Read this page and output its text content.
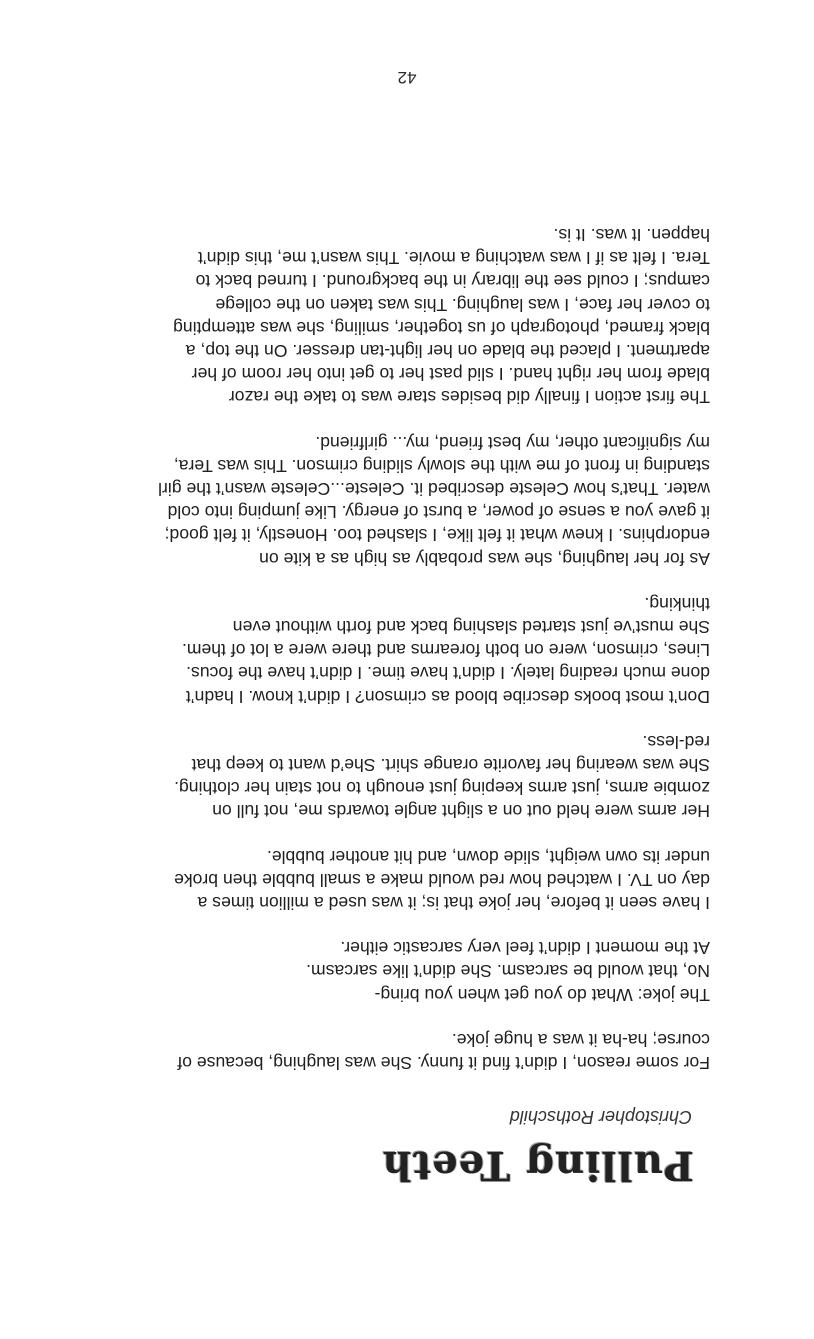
Pulling Teeth
Christopher Rothschild

For some reason, I didn’t find it funny. She was laughing, because of
course; ha-ha it was a huge joke.

The joke: What do you get when you bring-
No, that would be sarcasm. She didn’t like sarcasm.
At the moment I didn’t feel very sarcastic either.

I have seen it before, her joke that is; it was used a million times a
day on TV. I watched how red would make a small bubble then broke
under its own weight, slide down, and hit another bubble.

Her arms were held out on a slight angle towards me, not full on
zombie arms, just arms keeping just enough to not stain her clothing.
She was wearing her favorite orange shirt. She’d want to keep that
red-less.

Don’t most books describe blood as crimson? I didn’t know. I hadn’t
done much reading lately. I didn’t have time. I didn’t have the focus.
Lines, crimson, were on both forearms and there were a lot of them.
She must’ve just started slashing back and forth without even
thinking.

As for her laughing, she was probably as high as a kite on
endorphins. I knew what it felt like, I slashed too. Honestly, it felt good;
it gave you a sense of power, a burst of energy. Like jumping into cold
water. That’s how Celeste described it. Celeste...Celeste wasn’t the girl
standing in front of me with the slowly sliding crimson. This was Tera,
my significant other, my best friend, my... girlfriend.

The first action I finally did besides stare was to take the razor
blade from her right hand. I slid past her to get into her room of her
apartment. I placed the blade on her light-tan dresser. On the top, a
black framed, photograph of us together, smiling, she was attempting
to cover her face, I was laughing. This was taken on the college
campus; I could see the library in the background. I turned back to
Tera. I felt as if I was watching a movie. This wasn’t me, this didn’t
happen. It was. It is.

42
